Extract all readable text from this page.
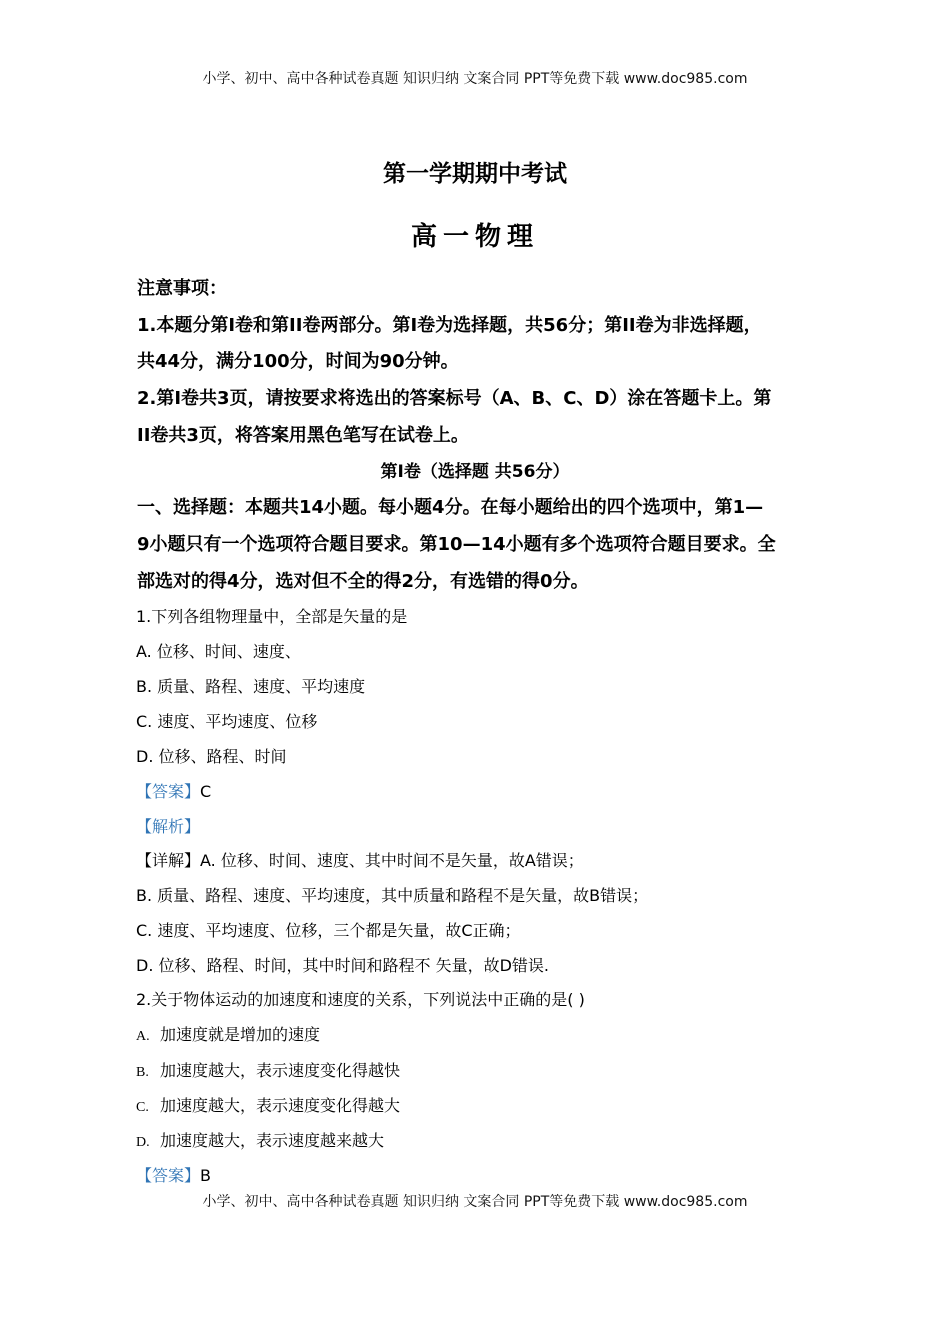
小学、初中、高中各种试卷真题 知识归纳 文案合同 PPT等免费下载 www.doc985.com
第一学期期中考试
高一物理
注意事项：
1.本题分第I卷和第II卷两部分。第I卷为选择题，共56分；第II卷为非选择题，
共44分，满分100分，时间为90分钟。
2.第I卷共3页，请按要求将选出的答案标号（A、B、C、D）涂在答题卡上。第
II卷共3页，将答案用黑色笔写在试卷上。
第I卷（选择题 共56分）
一、选择题：本题共14小题。每小题4分。在每小题给出的四个选项中，第1—
9小题只有一个选项符合题目要求。第10—14小题有多个选项符合题目要求。全
部选对的得4分，选对但不全的得2分，有选错的得0分。
1.下列各组物理量中，全部是矢量的是
A. 位移、时间、速度、
B. 质量、路程、速度、平均速度
C. 速度、平均速度、位移
D. 位移、路程、时间
【答案】C
【解析】
【详解】A. 位移、时间、速度、其中时间不是矢量，故A错误；
B. 质量、路程、速度、平均速度，其中质量和路程不是矢量，故B错误；
C. 速度、平均速度、位移，三个都是矢量，故C正确；
D. 位移、路程、时间，其中时间和路程不 矢量，故D错误.
2.关于物体运动的加速度和速度的关系，下列说法中正确的是( )
A. 加速度就是增加的速度
B. 加速度越大，表示速度变化得越快
C. 加速度越大，表示速度变化得越大
D. 加速度越大，表示速度越来越大
【答案】B
小学、初中、高中各种试卷真题 知识归纳 文案合同 PPT等免费下载 www.doc985.com
